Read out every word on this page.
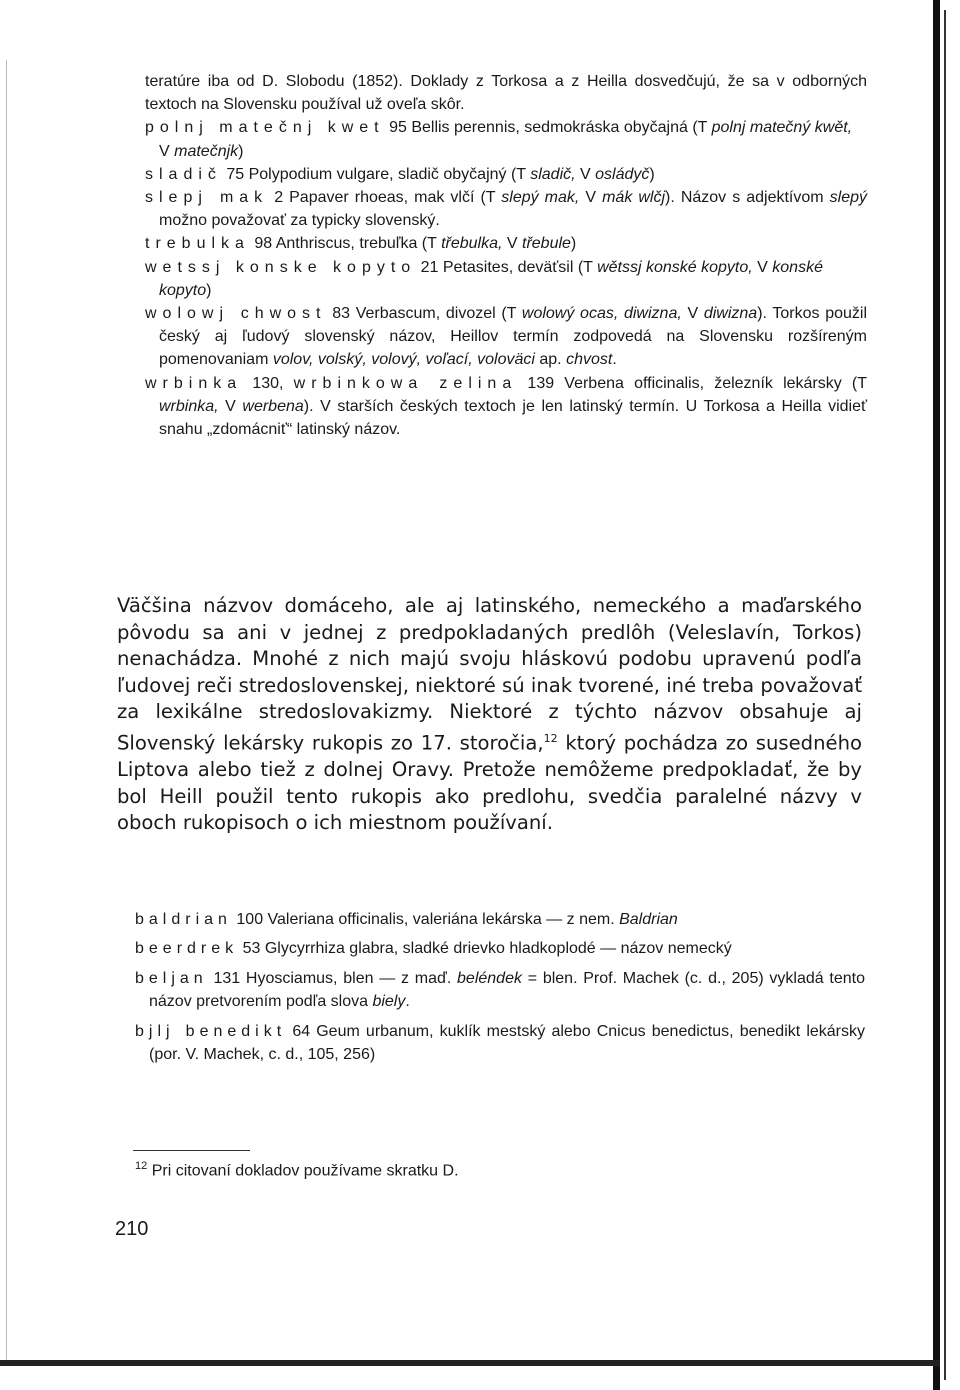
teratúre iba od D. Slobodu (1852). Doklady z Torkosa a z Heilla dosvedčujú, že sa v odborných textoch na Slovensku používal už oveľa skôr.

polnj matečnj kwet 95 Bellis perennis, sedmokráska obyčajná (T polnj matečný kwět, V matečnjk)

sladič 75 Polypodium vulgare, sladič obyčajný (T sladič, V osládyč)

slepj mak 2 Papaver rhoeas, mak vlčí (T slepý mak, V mák wlčj). Názov s adjektívom slepý možno považovať za typicky slovenský.

trebulka 98 Anthriscus, trebuľka (T třebulka, V třebule)

wetssj konske kopyto 21 Petasites, deväťsil (T wětssj konské kopyto, V konské kopyto)

wolowj chwost 83 Verbascum, divozel (T wolowý ocas, diwizna, V diwizna). Torkos použil český aj ľudový slovenský názov, Heillov termín zodpovedá na Slovensku rozšíreným pomenovaniam volov, volský, volový, voľací, voloväci ap. chvost.

wrbinka 130, wrbinkowa zelina 139 Verbena officinalis, železník lekársky (T wrbinka, V werbena). V starších českých textoch je len latinský termín. U Torkosa a Heilla vidieť snahu „zdomácniť“ latinský názov.

Väčšina názvov domáceho, ale aj latinského, nemeckého a maďarského pôvodu sa ani v jednej z predpokladaných predlôh (Veleslavín, Torkos) nenachádza. Mnohé z nich majú svoju hláskovú podobu upravenú podľa ľudovej reči stredoslovenskej, niektoré sú inak tvorené, iné treba považovať za lexikálne stredoslovakizmy. Niektoré z týchto názvov obsahuje aj Slovenský lekársky rukopis zo 17. storočia,$^{12}$ ktorý pochádza zo susedného Liptova alebo tiež z dolnej Oravy. Pretože nemôžeme predpokladať, že by bol Heill použil tento rukopis ako predlohu, svedčia paralelné názvy v oboch rukopisoch o ich miestnom používaní.

baldrian 100 Valeriana officinalis, valeriána lekárska — z nem. Baldrian

beerdrek 53 Glycyrrhiza glabra, sladké drievko hladkoplodé — názov nemecký

beljan 131 Hyosciamus, blen — z maď. beléndek = blen. Prof. Machek (c. d., 205) vykladá tento názov pretvorením podľa slova biely.

bjlj benedikt 64 Geum urbanum, kuklík mestský alebo Cnicus benedictus, benedikt lekársky (por. V. Machek, c. d., 105, 256)

$^{12}$ Pri citovaní dokladov používame skratku D.
210
